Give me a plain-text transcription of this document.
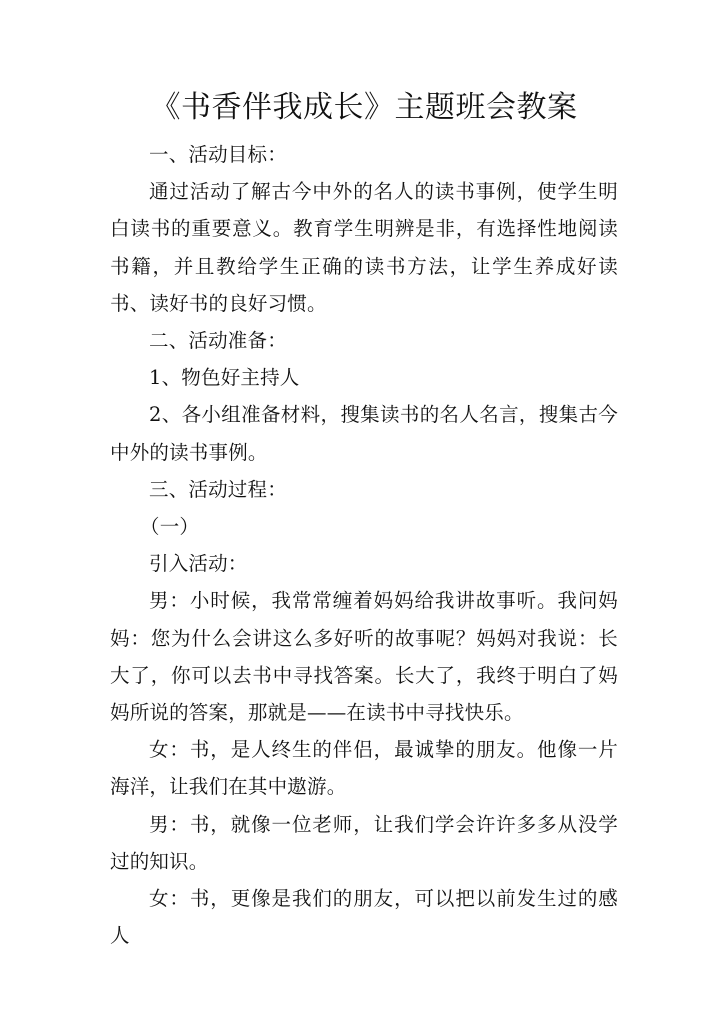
《书香伴我成长》主题班会教案

一、活动目标：

通过活动了解古今中外的名人的读书事例，使学生明白读书的重要意义。教育学生明辨是非，有选择性地阅读书籍，并且教给学生正确的读书方法，让学生养成好读书、读好书的良好习惯。

二、活动准备：

1、物色好主持人

2、各小组准备材料，搜集读书的名人名言，搜集古今中外的读书事例。

三、活动过程：

（一）

引入活动：

男：小时候，我常常缠着妈妈给我讲故事听。我问妈妈：您为什么会讲这么多好听的故事呢？妈妈对我说：长大了，你可以去书中寻找答案。长大了，我终于明白了妈妈所说的答案，那就是——在读书中寻找快乐。

女：书，是人终生的伴侣，最诚挚的朋友。他像一片海洋，让我们在其中遨游。

男：书，就像一位老师，让我们学会许许多多从没学过的知识。

女：书，更像是我们的朋友，可以把以前发生过的感人
